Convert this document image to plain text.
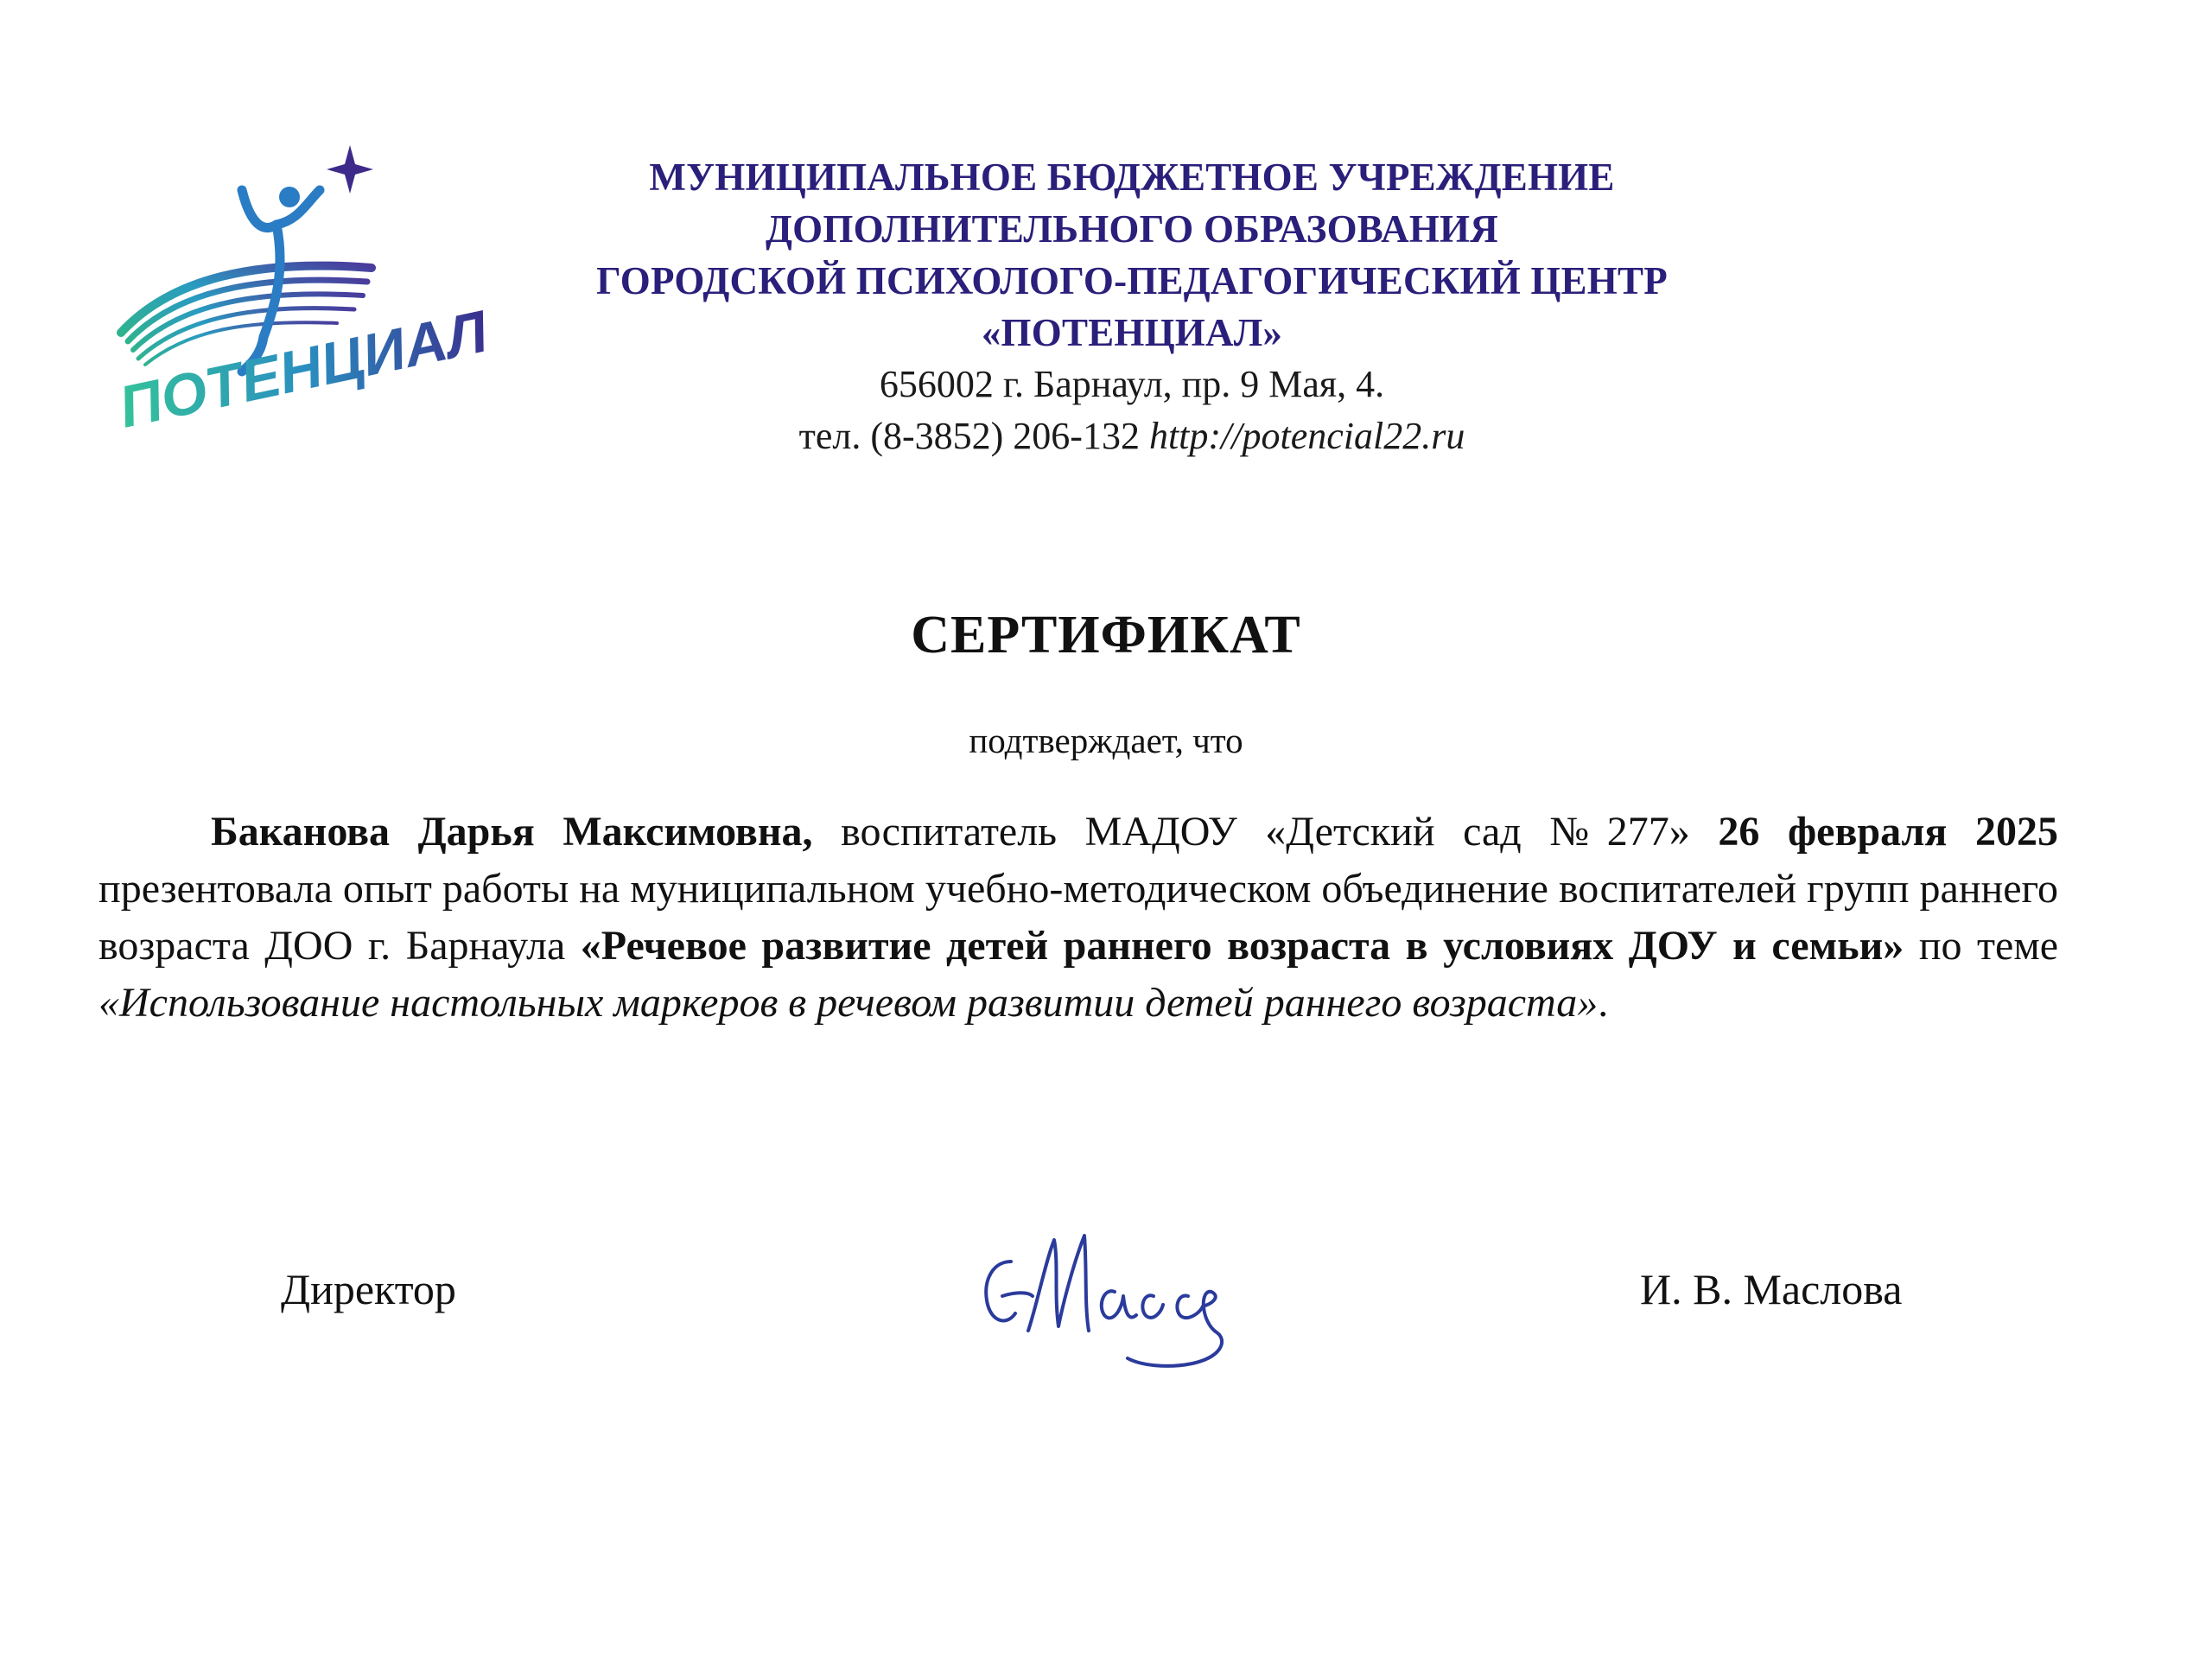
ПОТЕНЦИАЛ
МУНИЦИПАЛЬНОЕ БЮДЖЕТНОЕ УЧРЕЖДЕНИЕ
ДОПОЛНИТЕЛЬНОГО ОБРАЗОВАНИЯ
ГОРОДСКОЙ ПСИХОЛОГО-ПЕДАГОГИЧЕСКИЙ ЦЕНТР
«ПОТЕНЦИАЛ»
656002 г. Барнаул, пр. 9 Мая, 4.
тел. (8-3852) 206-132 http://potencial22.ru
СЕРТИФИКАТ
подтверждает, что
Баканова Дарья Максимовна, воспитатель МАДОУ «Детский сад №277» 26 февраля 2025 презентовала опыт работы на муниципальном учебно-методическом объединение воспитателей групп раннего возраста ДОО г. Барнаула «Речевое развитие детей раннего возраста в условиях ДОУ и семьи» по теме «Использование настольных маркеров в речевом развитии детей раннего возраста».
Директор	И. В. Маслова
